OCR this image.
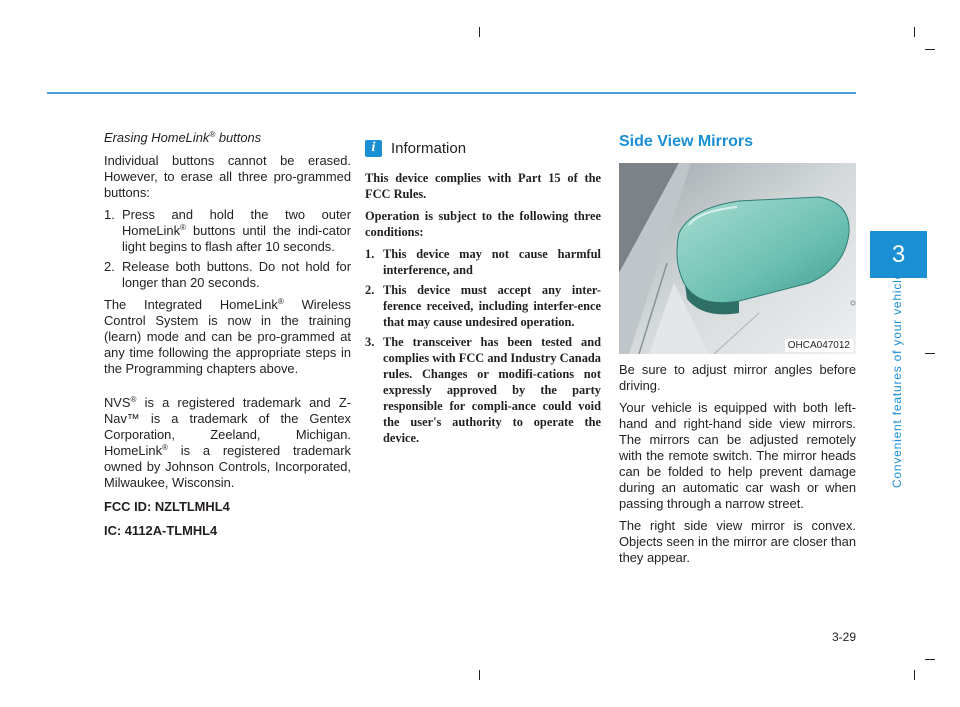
3
Convenient features of your vehicle
Erasing HomeLink® buttons

Individual buttons cannot be erased. However, to erase all three pro-grammed buttons:

1. Press and hold the two outer HomeLink® buttons until the indi-cator light begins to flash after 10 seconds.
2. Release both buttons. Do not hold for longer than 20 seconds.

The Integrated HomeLink® Wireless Control System is now in the training (learn) mode and can be pro-grammed at any time following the appropriate steps in the Programming chapters above.

NVS® is a registered trademark and Z-Nav™ is a trademark of the Gentex Corporation, Zeeland, Michigan. HomeLink® is a registered trademark owned by Johnson Controls, Incorporated, Milwaukee, Wisconsin.

FCC ID: NZLTLMHL4

IC: 4112A-TLMHL4

i	Information

This device complies with Part 15 of the FCC Rules.

Operation is subject to the following three conditions:

1. This device may not cause harmful interference, and
2. This device must accept any inter-ference received, including interfer-ence that may cause undesired operation.
3. The transceiver has been tested and complies with FCC and Industry Canada rules. Changes or modifi-cations not expressly approved by the party responsible for compli-ance could void the user's authority to operate the device.
Side View Mirrors
OHCA047012

Be sure to adjust mirror angles before driving.

Your vehicle is equipped with both left-hand and right-hand side view mirrors. The mirrors can be adjusted remotely with the remote switch. The mirror heads can be folded to help prevent damage during an automatic car wash or when passing through a narrow street.

The right side view mirror is convex. Objects seen in the mirror are closer than they appear.

3-29
